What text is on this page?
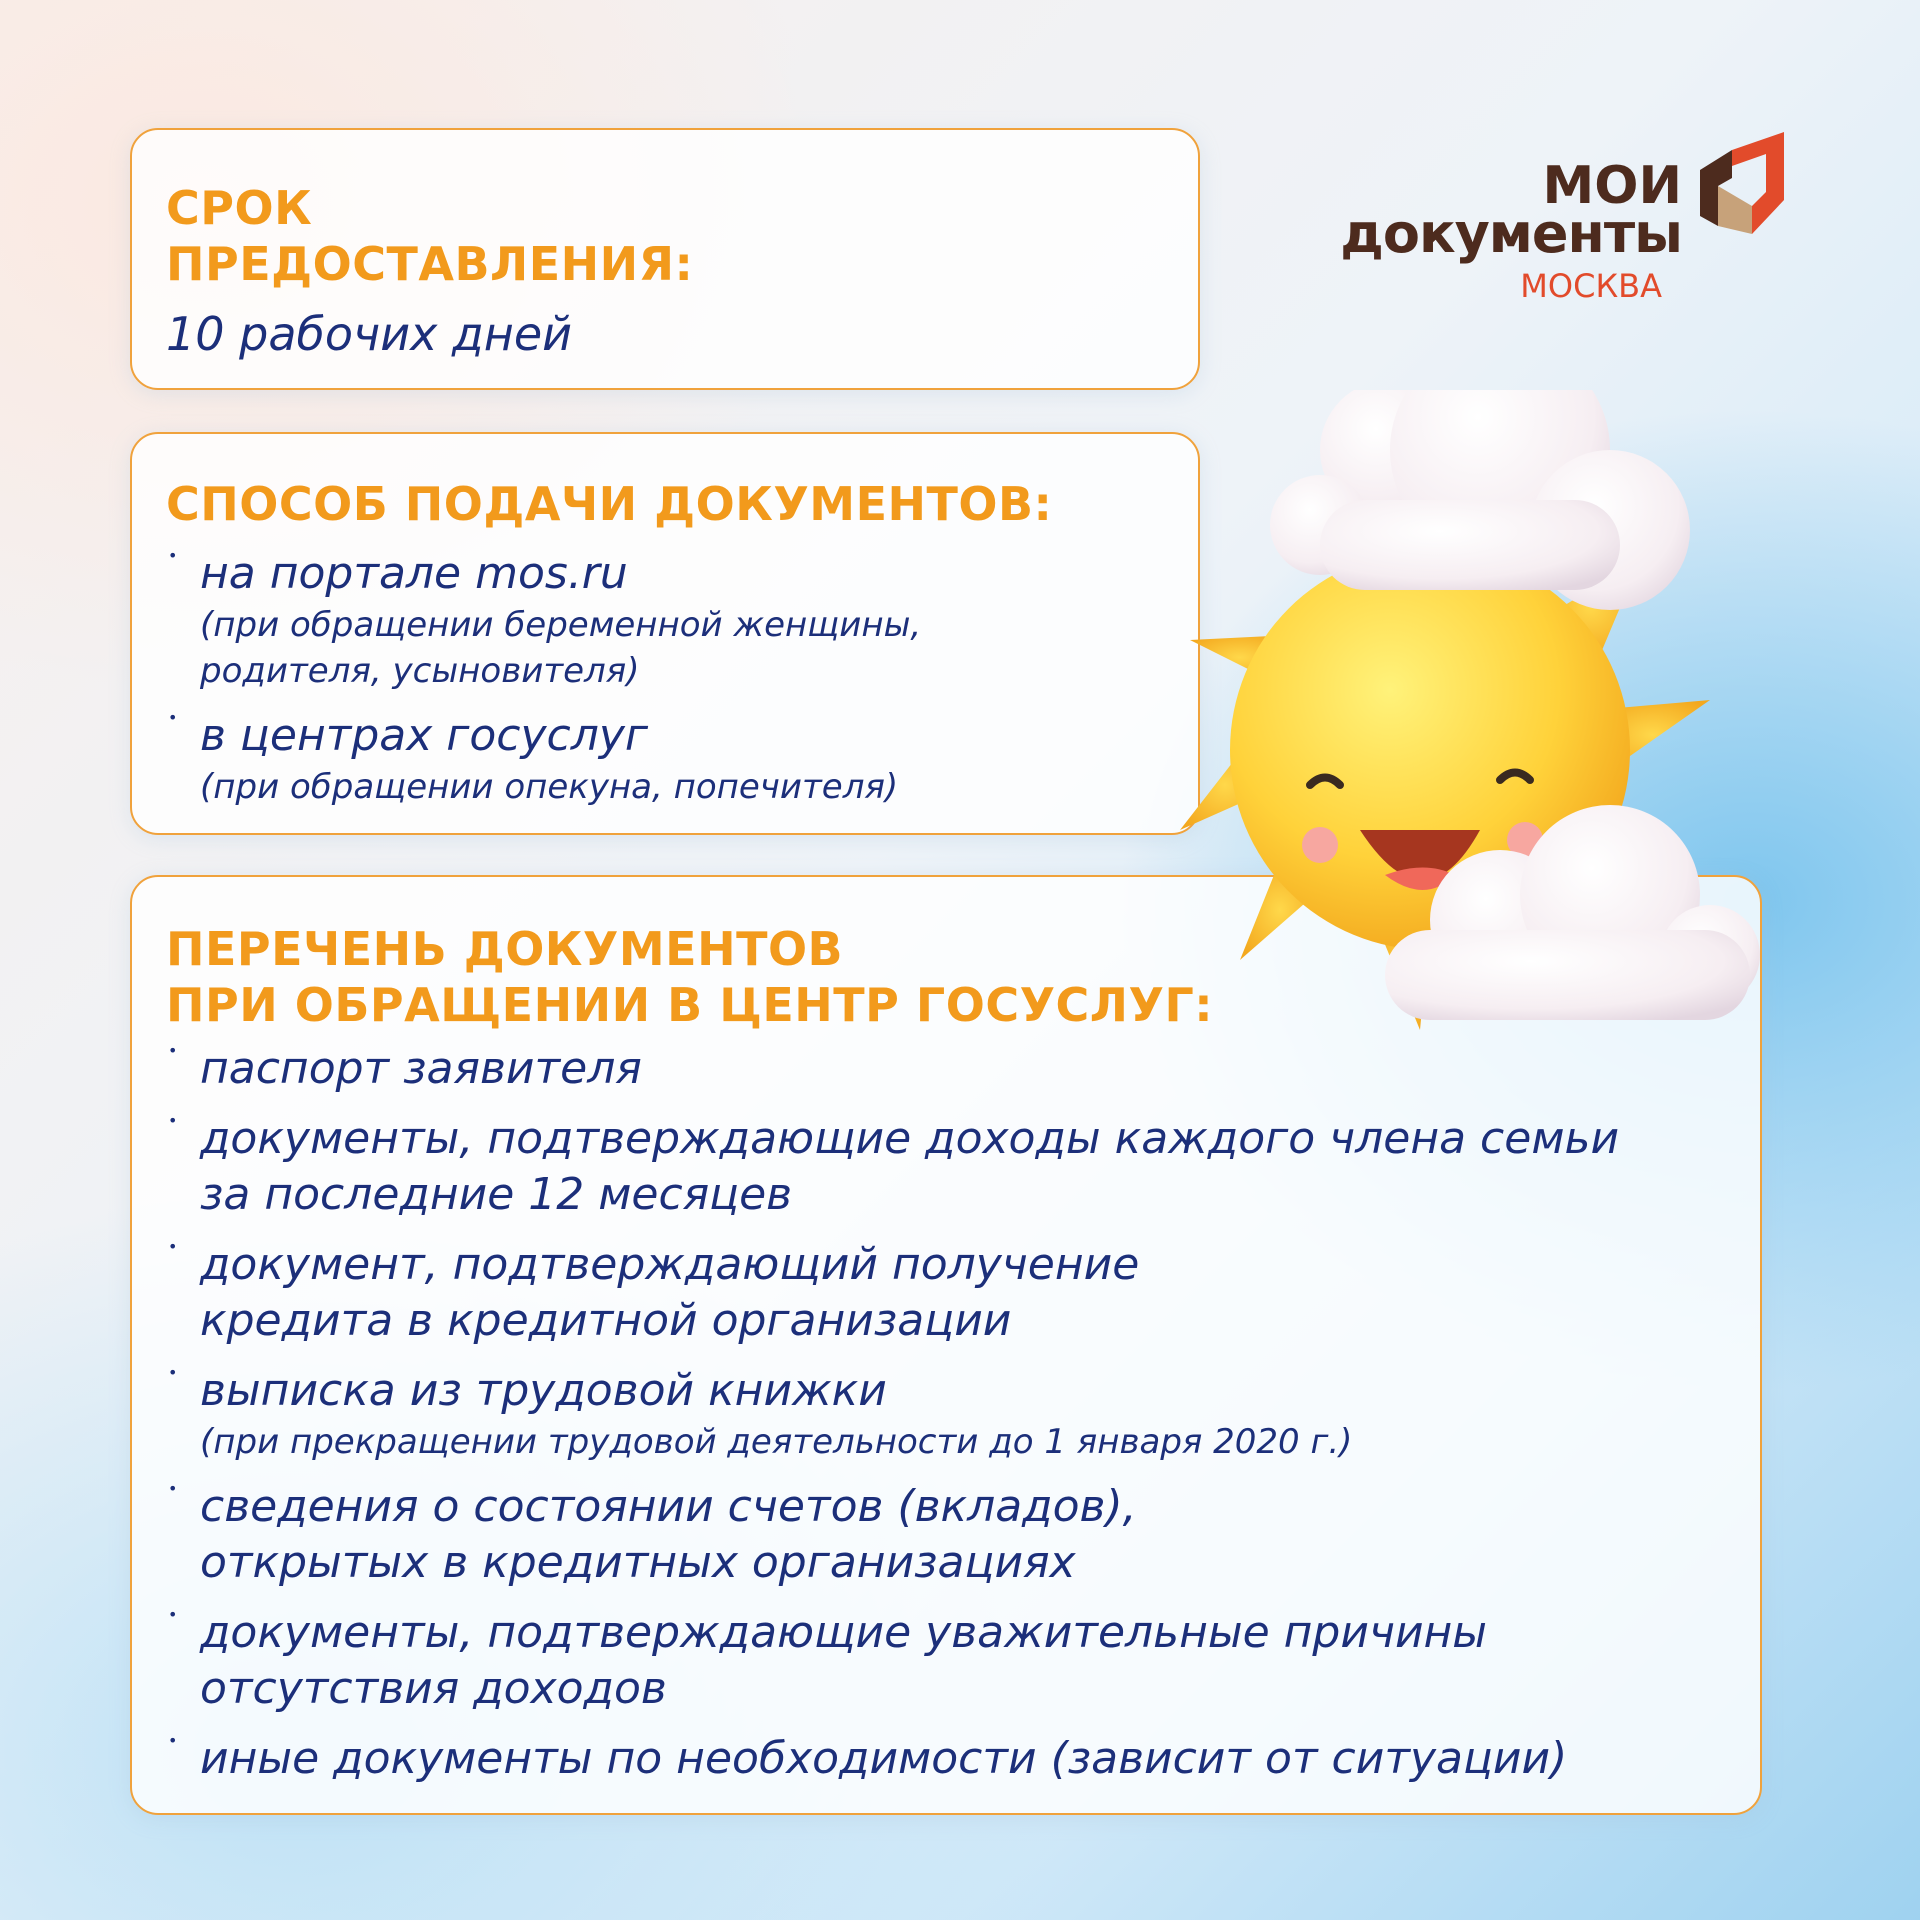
МОИ
документы
МОСКВА
СРОК
ПРЕДОСТАВЛЕНИЯ:

10 рабочих дней

СПОСОБ ПОДАЧИ ДОКУМЕНТОВ:
• на портале mos.ru
(при обращении беременной женщины,
родителя, усыновителя)
• в центрах госуслуг
(при обращении опекуна, попечителя)
ПЕРЕЧЕНЬ ДОКУМЕНТОВ
ПРИ ОБРАЩЕНИИ В ЦЕНТР ГОСУСЛУГ:
• паспорт заявителя
• документы, подтверждающие доходы каждого члена семьи
за последние 12 месяцев
• документ, подтверждающий получение
кредита в кредитной организации
• выписка из трудовой книжки
(при прекращении трудовой деятельности до 1 января 2020 г.)
• сведения о состоянии счетов (вкладов),
открытых в кредитных организациях
• документы, подтверждающие уважительные причины
отсутствия доходов
• иные документы по необходимости (зависит от ситуации)
